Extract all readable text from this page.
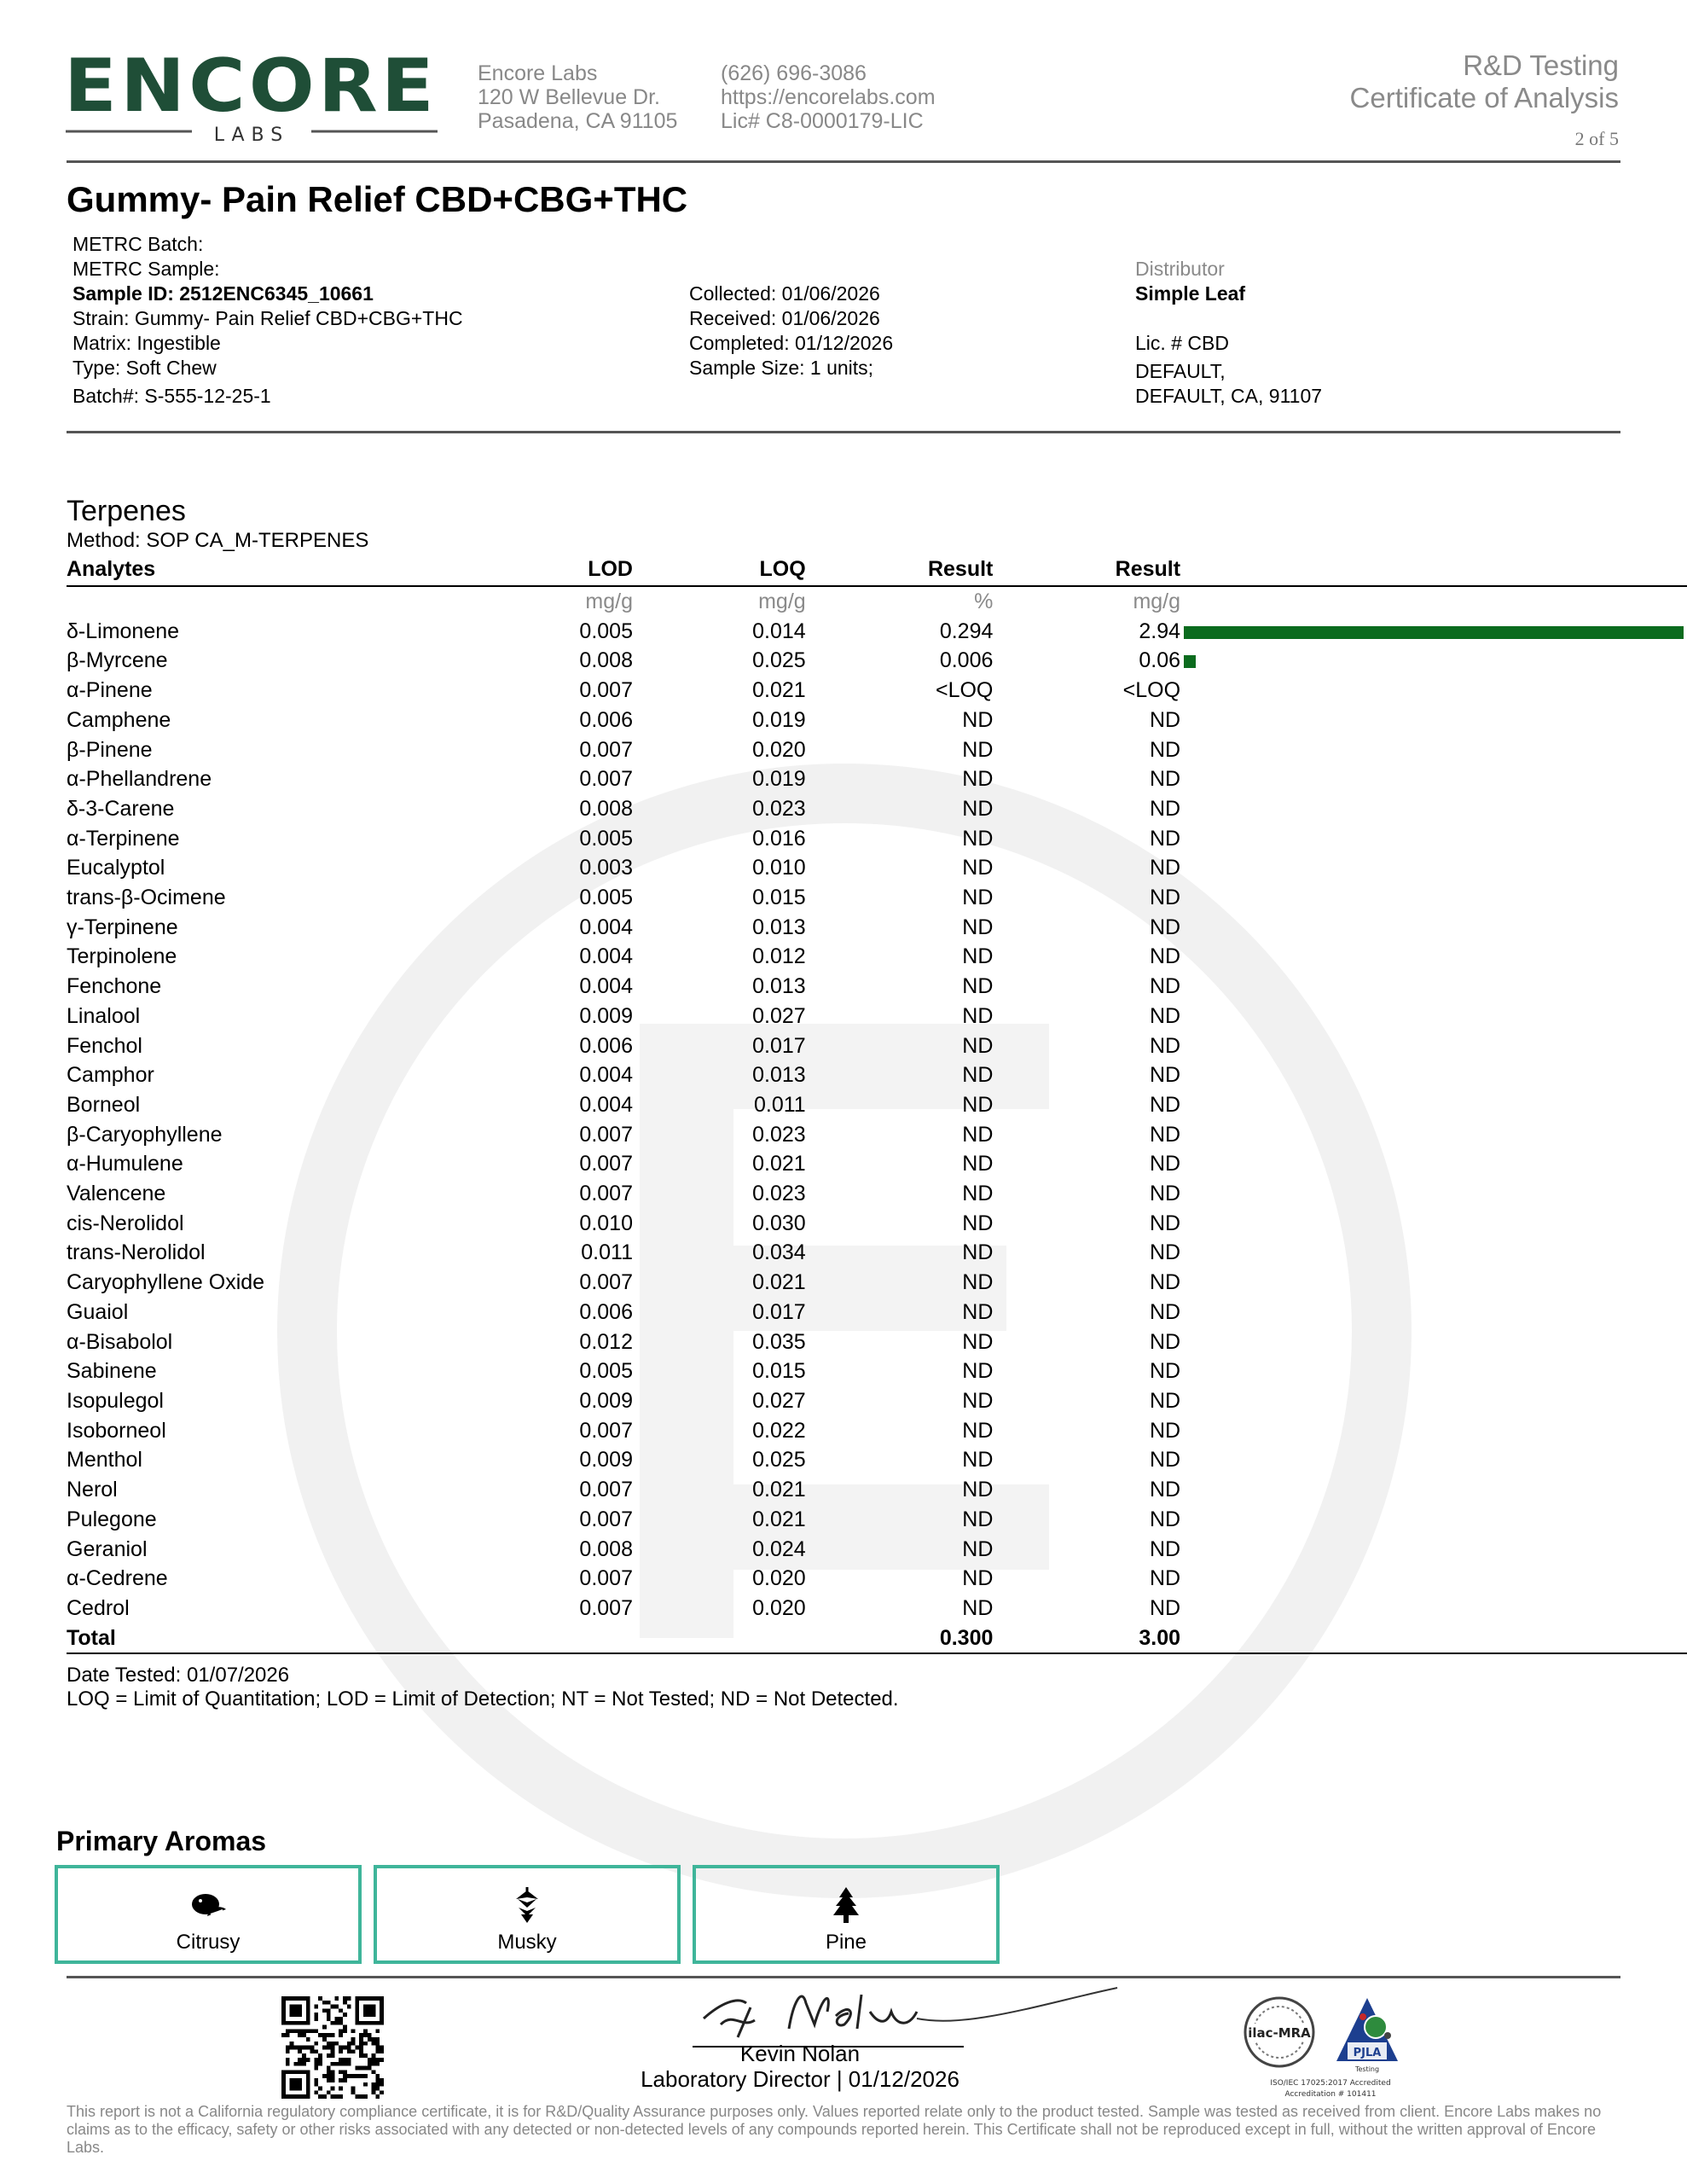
ENCORE
LABS
Encore Labs
120 W Bellevue Dr.
Pasadena, CA 91105
(626) 696-3086
https://encorelabs.com
Lic# C8-0000179-LIC
R&D Testing
Certificate of Analysis
2 of 5
Gummy- Pain Relief CBD+CBG+THC
METRC Batch:
METRC Sample:
Sample ID: 2512ENC6345_10661
Strain: Gummy- Pain Relief CBD+CBG+THC
Matrix: Ingestible
Type: Soft Chew
Batch#: S-555-12-25-1
Collected: 01/06/2026
Received: 01/06/2026
Completed: 01/12/2026
Sample Size: 1 units;
Distributor
Simple Leaf
Lic. # CBD
DEFAULT,
DEFAULT, CA, 91107
Terpenes
Method: SOP CA_M-TERPENES
Analytes	LOD	LOQ	Result	Result	
	mg/g	mg/g	%	mg/g	
δ-Limonene	0.005	0.014	0.294	2.94	
β-Myrcene	0.008	0.025	0.006	0.06	
α-Pinene	0.007	0.021	<LOQ	<LOQ	
Camphene	0.006	0.019	ND	ND	
β-Pinene	0.007	0.020	ND	ND	
α-Phellandrene	0.007	0.019	ND	ND	
δ-3-Carene	0.008	0.023	ND	ND	
α-Terpinene	0.005	0.016	ND	ND	
Eucalyptol	0.003	0.010	ND	ND	
trans-β-Ocimene	0.005	0.015	ND	ND	
γ-Terpinene	0.004	0.013	ND	ND	
Terpinolene	0.004	0.012	ND	ND	
Fenchone	0.004	0.013	ND	ND	
Linalool	0.009	0.027	ND	ND	
Fenchol	0.006	0.017	ND	ND	
Camphor	0.004	0.013	ND	ND	
Borneol	0.004	0.011	ND	ND	
β-Caryophyllene	0.007	0.023	ND	ND	
α-Humulene	0.007	0.021	ND	ND	
Valencene	0.007	0.023	ND	ND	
cis-Nerolidol	0.010	0.030	ND	ND	
trans-Nerolidol	0.011	0.034	ND	ND	
Caryophyllene Oxide	0.007	0.021	ND	ND	
Guaiol	0.006	0.017	ND	ND	
α-Bisabolol	0.012	0.035	ND	ND	
Sabinene	0.005	0.015	ND	ND	
Isopulegol	0.009	0.027	ND	ND	
Isoborneol	0.007	0.022	ND	ND	
Menthol	0.009	0.025	ND	ND	
Nerol	0.007	0.021	ND	ND	
Pulegone	0.007	0.021	ND	ND	
Geraniol	0.008	0.024	ND	ND	
α-Cedrene	0.007	0.020	ND	ND	
Cedrol	0.007	0.020	ND	ND	
Total			0.300	3.00	
Date Tested: 01/07/2026
LOQ = Limit of Quantitation; LOD = Limit of Detection; NT = Not Tested; ND = Not Detected.
Primary Aromas
Citrusy	Musky	Pine
Kevin Nolan
Laboratory Director | 01/12/2026
ilac-MRA
PJLA
Testing
ISO/IEC 17025:2017 Accredited
Accreditation # 101411
This report is not a California regulatory compliance certificate, it is for R&D/Quality Assurance purposes only. Values reported relate only to the product tested. Sample was tested as received from client. Encore Labs makes no claims as to the efficacy, safety or other risks associated with any detected or non-detected levels of any compounds reported herein. This Certificate shall not be reproduced except in full, without the written approval of Encore Labs.
